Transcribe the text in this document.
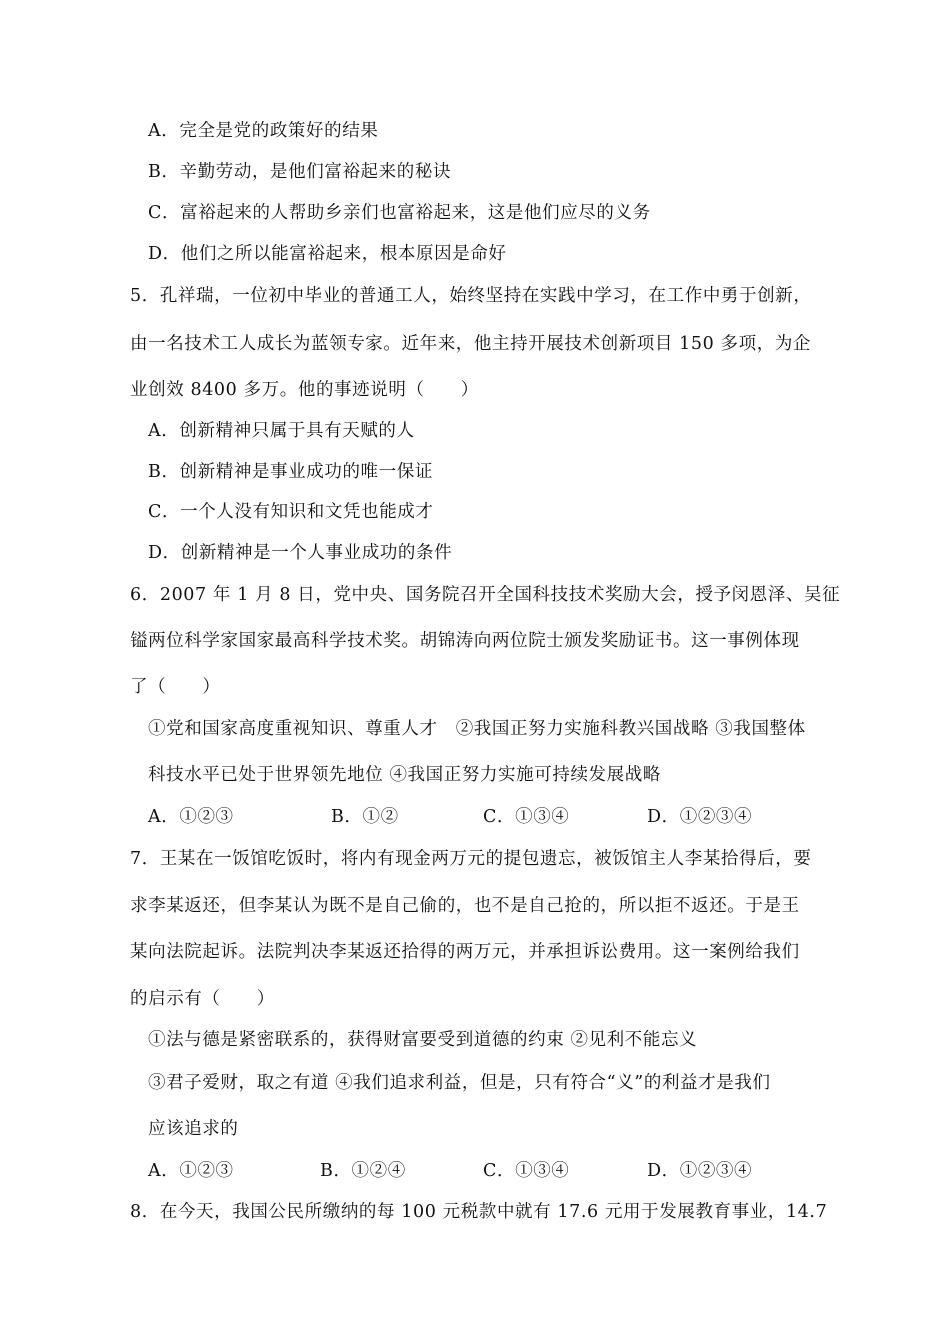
A．完全是党的政策好的结果
B．辛勤劳动，是他们富裕起来的秘诀
C．富裕起来的人帮助乡亲们也富裕起来，这是他们应尽的义务
D．他们之所以能富裕起来，根本原因是命好
5．孔祥瑞，一位初中毕业的普通工人，始终坚持在实践中学习，在工作中勇于创新，
由一名技术工人成长为蓝领专家。近年来，他主持开展技术创新项目 150 多项，为企
业创效 8400 多万。他的事迹说明（　　）
A．创新精神只属于具有天赋的人
B．创新精神是事业成功的唯一保证
C．一个人没有知识和文凭也能成才
D．创新精神是一个人事业成功的条件
6．2007 年 1 月 8 日，党中央、国务院召开全国科技技术奖励大会，授予闵恩泽、吴征
镒两位科学家国家最高科学技术奖。胡锦涛向两位院士颁发奖励证书。这一事例体现
了（　　）
①党和国家高度重视知识、尊重人才　②我国正努力实施科教兴国战略 ③我国整体
科技水平已处于世界领先地位 ④我国正努力实施可持续发展战略
A．①②③	B．①②	C．①③④	D．①②③④
7．王某在一饭馆吃饭时，将内有现金两万元的提包遗忘，被饭馆主人李某拾得后，要
求李某返还，但李某认为既不是自己偷的，也不是自己抢的，所以拒不返还。于是王
某向法院起诉。法院判决李某返还拾得的两万元，并承担诉讼费用。这一案例给我们
的启示有（　　）
①法与德是紧密联系的，获得财富要受到道德的约束 ②见利不能忘义
③君子爱财，取之有道 ④我们追求利益，但是，只有符合“义”的利益才是我们
应该追求的
A．①②③	B．①②④	C．①③④	D．①②③④
8．在今天，我国公民所缴纳的每 100 元税款中就有 17.6 元用于发展教育事业，14.7
